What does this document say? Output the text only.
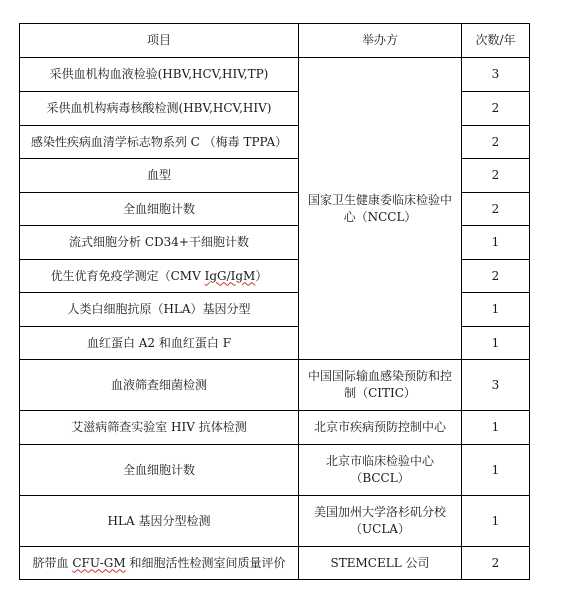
项目	举办方	次数/年
采供血机构血液检验(HBV,HCV,HIV,TP)	国家卫生健康委临床检验中心（NCCL）	3
采供血机构病毒核酸检测(HBV,HCV,HIV)		2
感染性疾病血清学标志物系列 C （梅毒 TPPA）		2
血型		2
全血细胞计数		2
流式细胞分析 CD34+干细胞计数		1
优生优育免疫学测定（CMV IgG/IgM）		2
人类白细胞抗原（HLA）基因分型		1
血红蛋白 A2 和血红蛋白 F		1
血液筛查细菌检测	中国国际输血感染预防和控制（CITIC）	3
艾滋病筛查实验室 HIV 抗体检测	北京市疾病预防控制中心	1
全血细胞计数	北京市临床检验中心（BCCL）	1
HLA 基因分型检测	美国加州大学洛杉矶分校（UCLA）	1
脐带血 CFU-GM 和细胞活性检测室间质量评价	STEMCELL 公司	2
